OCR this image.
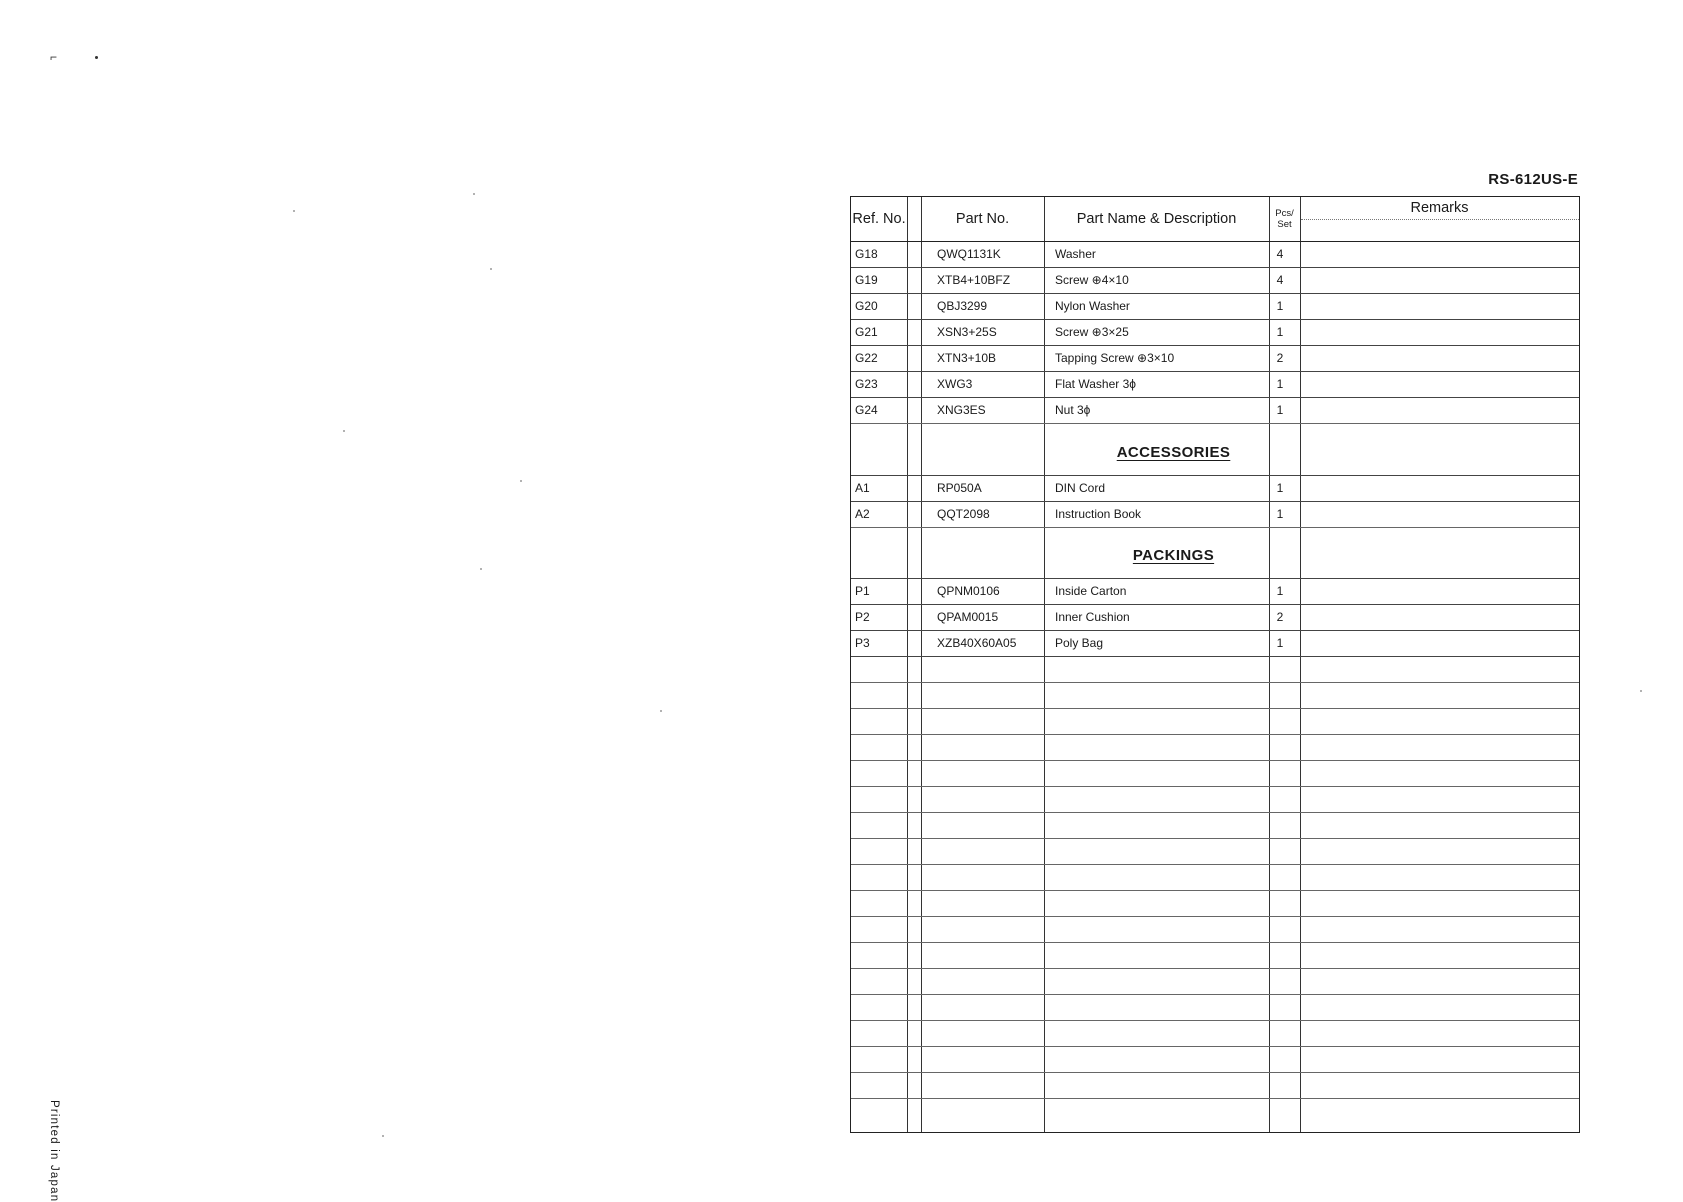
⌐
RS-612US-E
Printed in Japan
Ref. No.	Part No.	Part Name & Description	Pcs/
Set
Remarks
G18	QWQ1131K	Washer	4
G19	XTB4+10BFZ	Screw ⊕4×10	4
G20	QBJ3299	Nylon Washer	1
G21	XSN3+25S	Screw ⊕3×25	1
G22	XTN3+10B	Tapping Screw ⊕3×10	2
G23	XWG3	Flat Washer 3ϕ	1
G24	XNG3ES	Nut 3ϕ	1
ACCESSORIES
A1	RP050A	DIN Cord	1
A2	QQT2098	Instruction Book	1
PACKINGS
P1	QPNM0106	Inside Carton	1
P2	QPAM0015	Inner Cushion	2
P3	XZB40X60A05	Poly Bag	1
